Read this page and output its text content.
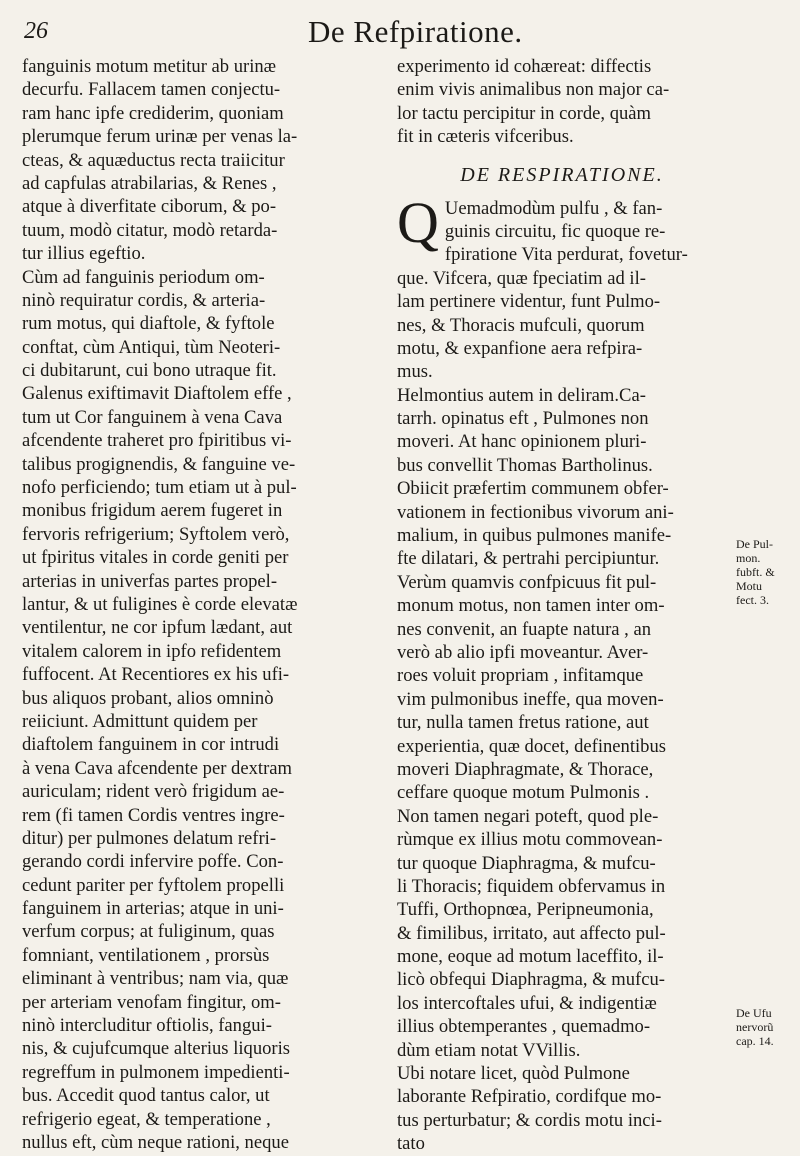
26	De Refpiratione.
fanguinis motum metitur ab urinæ
decurfu. Fallacem tamen conjectu-
ram hanc ipfe crediderim, quoniam
plerumque ferum urinæ per venas la-
cteas, & aquæductus recta traiicitur
ad capfulas atrabilarias, & Renes ,
atque à diverfitate ciborum, & po-
tuum, modò citatur, modò retarda-
tur illius egeftio.
Cùm ad fanguinis periodum om-
ninò requiratur cordis, & arteria-
rum motus, qui diaftole, & fyftole
conftat, cùm Antiqui, tùm Neoteri-
ci dubitarunt, cui bono utraque fit.
Galenus exiftimavit Diaftolem effe ,
tum ut Cor fanguinem à vena Cava
afcendente traheret pro fpiritibus vi-
talibus progignendis, & fanguine ve-
nofo perficiendo; tum etiam ut à pul-
monibus frigidum aerem fugeret in
fervoris refrigerium; Syftolem verò,
ut fpiritus vitales in corde geniti per
arterias in univerfas partes propel-
lantur, & ut fuligines è corde elevatæ
ventilentur, ne cor ipfum lædant, aut
vitalem calorem in ipfo refidentem
fuffocent. At Recentiores ex his ufi-
bus aliquos probant, alios omninò
reiiciunt. Admittunt quidem per
diaftolem fanguinem in cor intrudi
à vena Cava afcendente per dextram
auriculam; rident verò frigidum ae-
rem (fi tamen Cordis ventres ingre-
ditur) per pulmones delatum refri-
gerando cordi infervire poffe. Con-
cedunt pariter per fyftolem propelli
fanguinem in arterias; atque in uni-
verfum corpus; at fuliginum, quas
fomniant, ventilationem , prorsùs
eliminant à ventribus; nam via, quæ
per arteriam venofam fingitur, om-
ninò intercluditur oftiolis, fangui-
nis, & cujufcumque alterius liquoris
regreffum in pulmonem impedienti-
bus. Accedit quod tantus calor, ut
refrigerio egeat, & temperatione ,
nullus eft, cùm neque rationi, neque
experimento id cohæreat: diffectis
enim vivis animalibus non major ca-
lor tactu percipitur in corde, quàm
fit in cæteris vifceribus.
DE RESPIRATIONE.
Q Uemadmodùm pulfu , & fan-
guinis circuitu, fic quoque re-
fpiratione Vita perdurat, fovetur-
que. Vifcera, quæ fpeciatim ad il-
lam pertinere videntur, funt Pulmo-
nes, & Thoracis mufculi, quorum
motu, & expanfione aera refpira-
mus.
Helmontius autem in deliram.Ca-
tarrh. opinatus eft , Pulmones non
moveri. At hanc opinionem pluri-
bus convellit Thomas Bartholinus.
Obiicit præfertim communem obfer-
vationem in fectionibus vivorum ani-
malium, in quibus pulmones manife-
fte dilatari, & pertrahi percipiuntur.
Verùm quamvis confpicuus fit pul-
monum motus, non tamen inter om-
nes convenit, an fuapte natura , an
verò ab alio ipfi moveantur. Aver-
roes voluit propriam , infitamque
vim pulmonibus ineffe, qua moven-
tur, nulla tamen fretus ratione, aut
experientia, quæ docet, definentibus
moveri Diaphragmate, & Thorace,
ceffare quoque motum Pulmonis .
Non tamen negari poteft, quod ple-
rùmque ex illius motu commovean-
tur quoque Diaphragma, & mufcu-
li Thoracis; fiquidem obfervamus in
Tuffi, Orthopnœa, Peripneumonia,
& fimilibus, irritato, aut affecto pul-
mone, eoque ad motum laceffito, il-
licò obfequi Diaphragma, & mufcu-
los intercoftales ufui, & indigentiæ
illius obtemperantes , quemadmo-
dùm etiam notat VVillis.
Ubi notare licet, quòd Pulmone
laborante Refpiratio, cordifque mo-
tus perturbatur; & cordis motu inci-
tato
De Pul-
mon.
fubft. &
Motu
fect. 3.
De Ufu
nervorũ
cap. 14.
